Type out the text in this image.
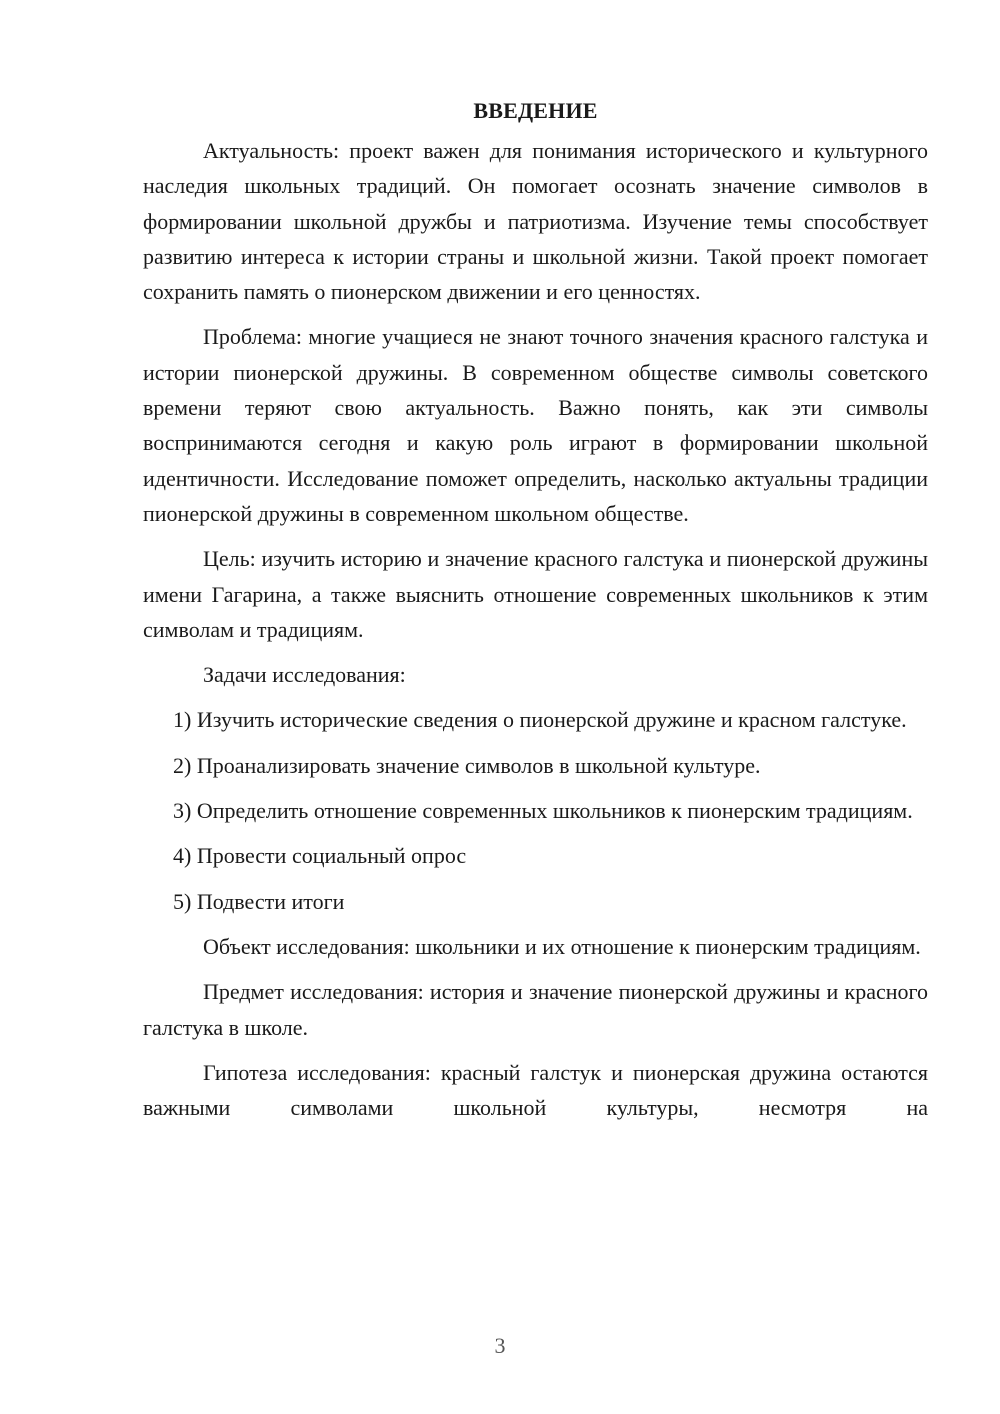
ВВЕДЕНИЕ

Актуальность: проект важен для понимания исторического и культурного наследия школьных традиций. Он помогает осознать значение символов в формировании школьной дружбы и патриотизма. Изучение темы способствует развитию интереса к истории страны и школьной жизни. Такой проект помогает сохранить память о пионерском движении и его ценностях.

Проблема: многие учащиеся не знают точного значения красного галстука и истории пионерской дружины. В современном обществе символы советского времени теряют свою актуальность. Важно понять, как эти символы воспринимаются сегодня и какую роль играют в формировании школьной идентичности. Исследование поможет определить, насколько актуальны традиции пионерской дружины в современном школьном обществе.

Цель: изучить историю и значение красного галстука и пионерской дружины имени Гагарина, а также выяснить отношение современных школьников к этим символам и традициям.

Задачи исследования:

1) Изучить исторические сведения о пионерской дружине и красном галстуке.

2) Проанализировать значение символов в школьной культуре.

3) Определить отношение современных школьников к пионерским традициям.

4) Провести социальный опрос

5) Подвести итоги

Объект исследования: школьники и их отношение к пионерским традициям.

Предмет исследования: история и значение пионерской дружины и красного галстука в школе.

Гипотеза исследования: красный галстук и пионерская дружина остаются важными символами школьной культуры, несмотря на

3
